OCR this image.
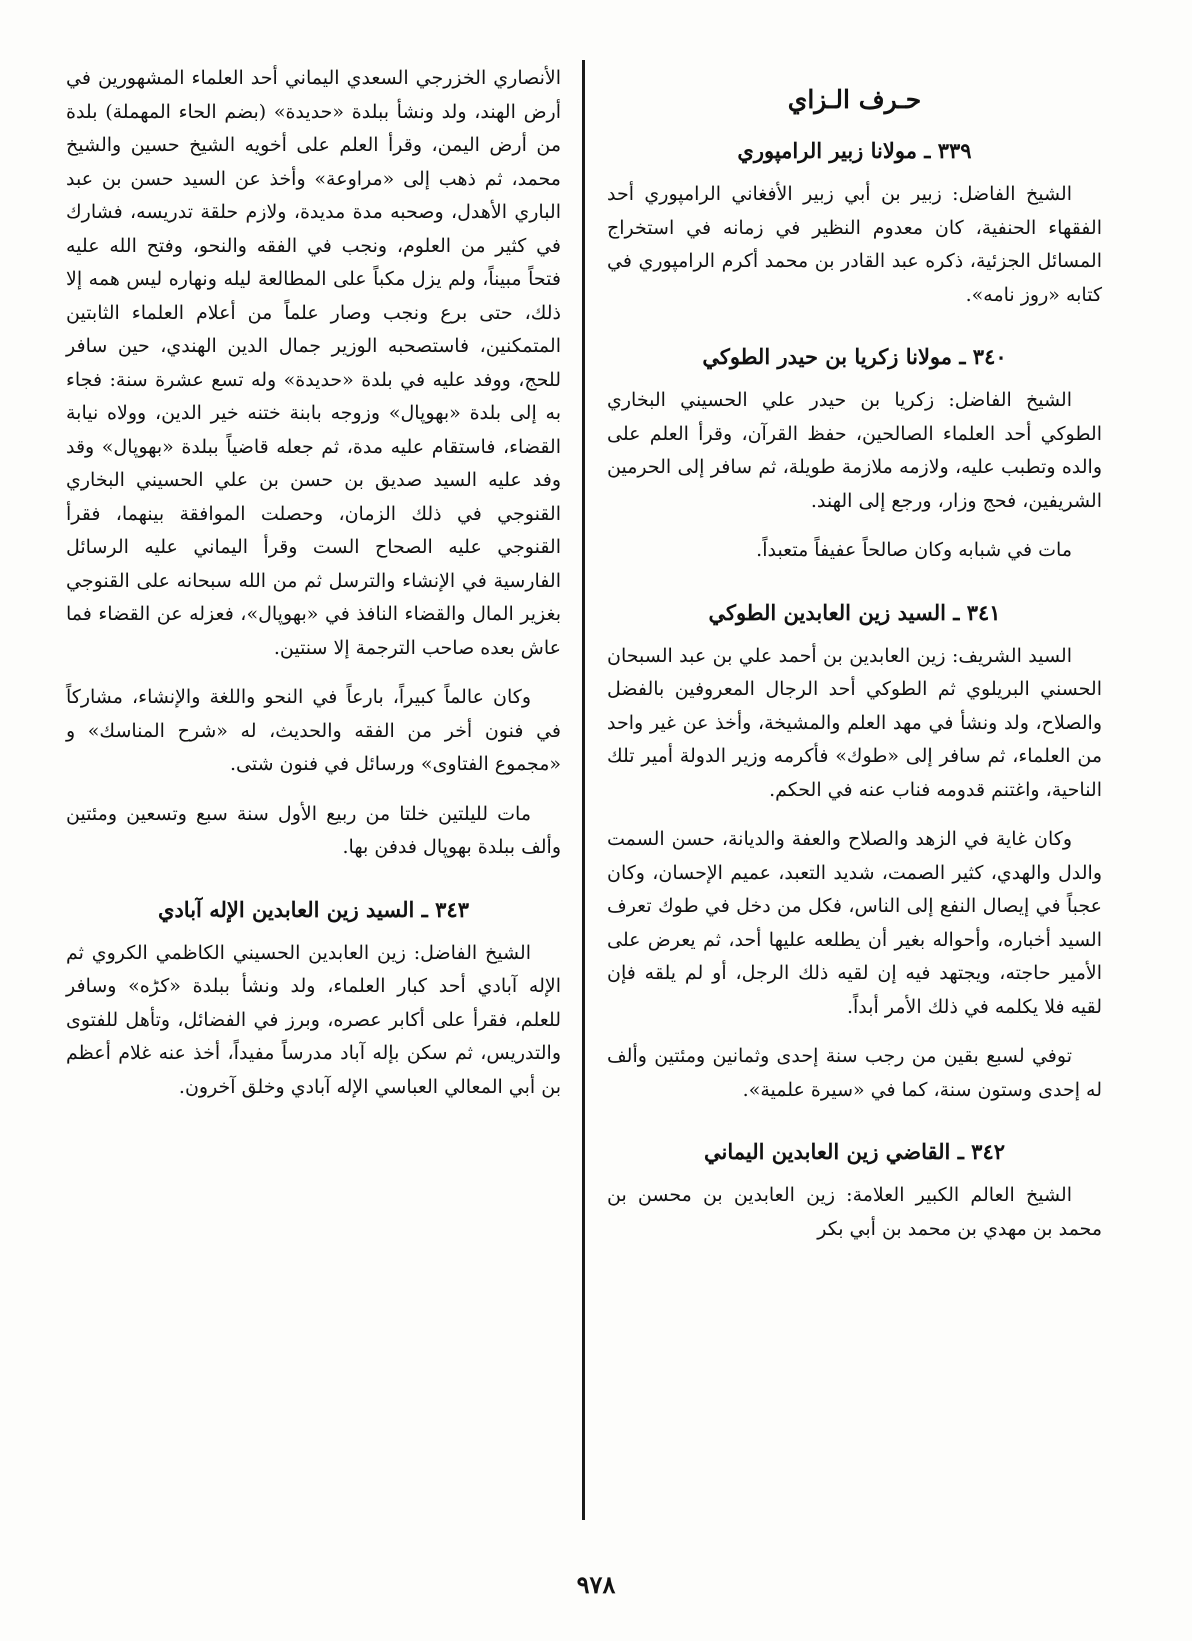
حـرف الـزاي
٣٣٩ ـ مولانا زبير الرامپوري

الشيخ الفاضل: زبير بن أبي زبير الأفغاني الرامپوري أحد الفقهاء الحنفية، كان معدوم النظير في زمانه في استخراج المسائل الجزئية، ذكره عبد القادر بن محمد أكرم الرامپوري في كتابه «روز نامه».

٣٤٠ ـ مولانا زكريا بن حيدر الطوكي

الشيخ الفاضل: زكريا بن حيدر علي الحسيني البخاري الطوكي أحد العلماء الصالحين، حفظ القرآن، وقرأ العلم على والده وتطبب عليه، ولازمه ملازمة طويلة، ثم سافر إلى الحرمين الشريفين، فحج وزار، ورجع إلى الهند.

مات في شبابه وكان صالحاً عفيفاً متعبداً.

٣٤١ ـ السيد زين العابدين الطوكي

السيد الشريف: زين العابدين بن أحمد علي بن عبد السبحان الحسني البريلوي ثم الطوكي أحد الرجال المعروفين بالفضل والصلاح، ولد ونشأ في مهد العلم والمشيخة، وأخذ عن غير واحد من العلماء، ثم سافر إلى «طوك» فأكرمه وزير الدولة أمير تلك الناحية، واغتنم قدومه فناب عنه في الحكم.

وكان غاية في الزهد والصلاح والعفة والديانة، حسن السمت والدل والهدي، كثير الصمت، شديد التعبد، عميم الإحسان، وكان عجباً في إيصال النفع إلى الناس، فكل من دخل في طوك تعرف السيد أخباره، وأحواله بغير أن يطلعه عليها أحد، ثم يعرض على الأمير حاجته، ويجتهد فيه إن لقيه ذلك الرجل، أو لم يلقه فإن لقيه فلا يكلمه في ذلك الأمر أبداً.

توفي لسبع بقين من رجب سنة إحدى وثمانين ومئتين وألف له إحدى وستون سنة، كما في «سيرة علمية».

٣٤٢ ـ القاضي زين العابدين اليماني

الشيخ العالم الكبير العلامة: زين العابدين بن محسن بن محمد بن مهدي بن محمد بن أبي بكر

الأنصاري الخزرجي السعدي اليماني أحد العلماء المشهورين في أرض الهند، ولد ونشأ ببلدة «حديدة» (بضم الحاء المهملة) بلدة من أرض اليمن، وقرأ العلم على أخويه الشيخ حسين والشيخ محمد، ثم ذهب إلى «مراوعة» وأخذ عن السيد حسن بن عبد الباري الأهدل، وصحبه مدة مديدة، ولازم حلقة تدريسه، فشارك في كثير من العلوم، ونجب في الفقه والنحو، وفتح الله عليه فتحاً مبيناً، ولم يزل مكباً على المطالعة ليله ونهاره ليس همه إلا ذلك، حتى برع ونجب وصار علماً من أعلام العلماء الثابتين المتمكنين، فاستصحبه الوزير جمال الدين الهندي، حين سافر للحج، ووفد عليه في بلدة «حديدة» وله تسع عشرة سنة: فجاء به إلى بلدة «بهوپال» وزوجه بابنة ختنه خير الدين، وولاه نيابة القضاء، فاستقام عليه مدة، ثم جعله قاضياً ببلدة «بهوپال» وقد وفد عليه السيد صديق بن حسن بن علي الحسيني البخاري القنوجي في ذلك الزمان، وحصلت الموافقة بينهما، فقرأ القنوجي عليه الصحاح الست وقرأ اليماني عليه الرسائل الفارسية في الإنشاء والترسل ثم من الله سبحانه على القنوجي بغزير المال والقضاء النافذ في «بهوپال»، فعزله عن القضاء فما عاش بعده صاحب الترجمة إلا سنتين.

وكان عالماً كبيراً، بارعاً في النحو واللغة والإنشاء، مشاركاً في فنون أخر من الفقه والحديث، له «شرح المناسك» و «مجموع الفتاوى» ورسائل في فنون شتى.

مات لليلتين خلتا من ربيع الأول سنة سبع وتسعين ومئتين وألف ببلدة بهوپال فدفن بها.

٣٤٣ ـ السيد زين العابدين الإله آبادي

الشيخ الفاضل: زين العابدين الحسيني الكاظمي الكروي ثم الإله آبادي أحد كبار العلماء، ولد ونشأ ببلدة «كڑه» وسافر للعلم، فقرأ على أكابر عصره، وبرز في الفضائل، وتأهل للفتوى والتدريس، ثم سكن بإله آباد مدرساً مفيداً، أخذ عنه غلام أعظم بن أبي المعالي العباسي الإله آبادي وخلق آخرون.

٩٧٨
